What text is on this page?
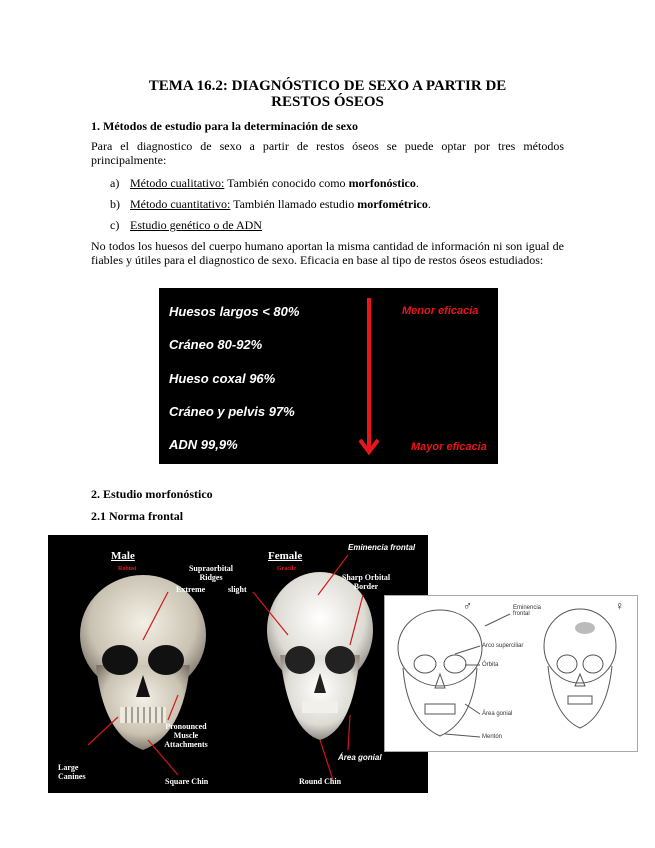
TEMA 16.2: DIAGNÓSTICO DE SEXO A PARTIR DE
RESTOS ÓSEOS
1. Métodos de estudio para la determinación de sexo
Para el diagnostico de sexo a partir de restos óseos se puede optar por tres métodos principalmente:
a) Método cualitativo: También conocido como morfonóstico.
b) Método cuantitativo: También llamado estudio morfométrico.
c) Estudio genético o de ADN
No todos los huesos del cuerpo humano aportan la misma cantidad de información ni son igual de fiables y útiles para el diagnostico de sexo. Eficacia en base al tipo de restos óseos estudiados:
Huesos largos < 80%
Cráneo 80-92%
Hueso coxal 96%
Cráneo y pelvis 97%
ADN 99,9%
Menor eficacia
Mayor eficacia
2. Estudio morfonóstico
2.1 Norma frontal
Male
Robust
Female
Gracile
Supraorbital Ridges
Extreme	slight
Eminencia frontal
Sharp Orbital Border
Pronounced Muscle Attachments
Large Canines
Square Chin	Round Chin
Área gonial
♂	♀
Eminencia frontal
Arco superciliar
Órbita
Área gonial
Mentón
